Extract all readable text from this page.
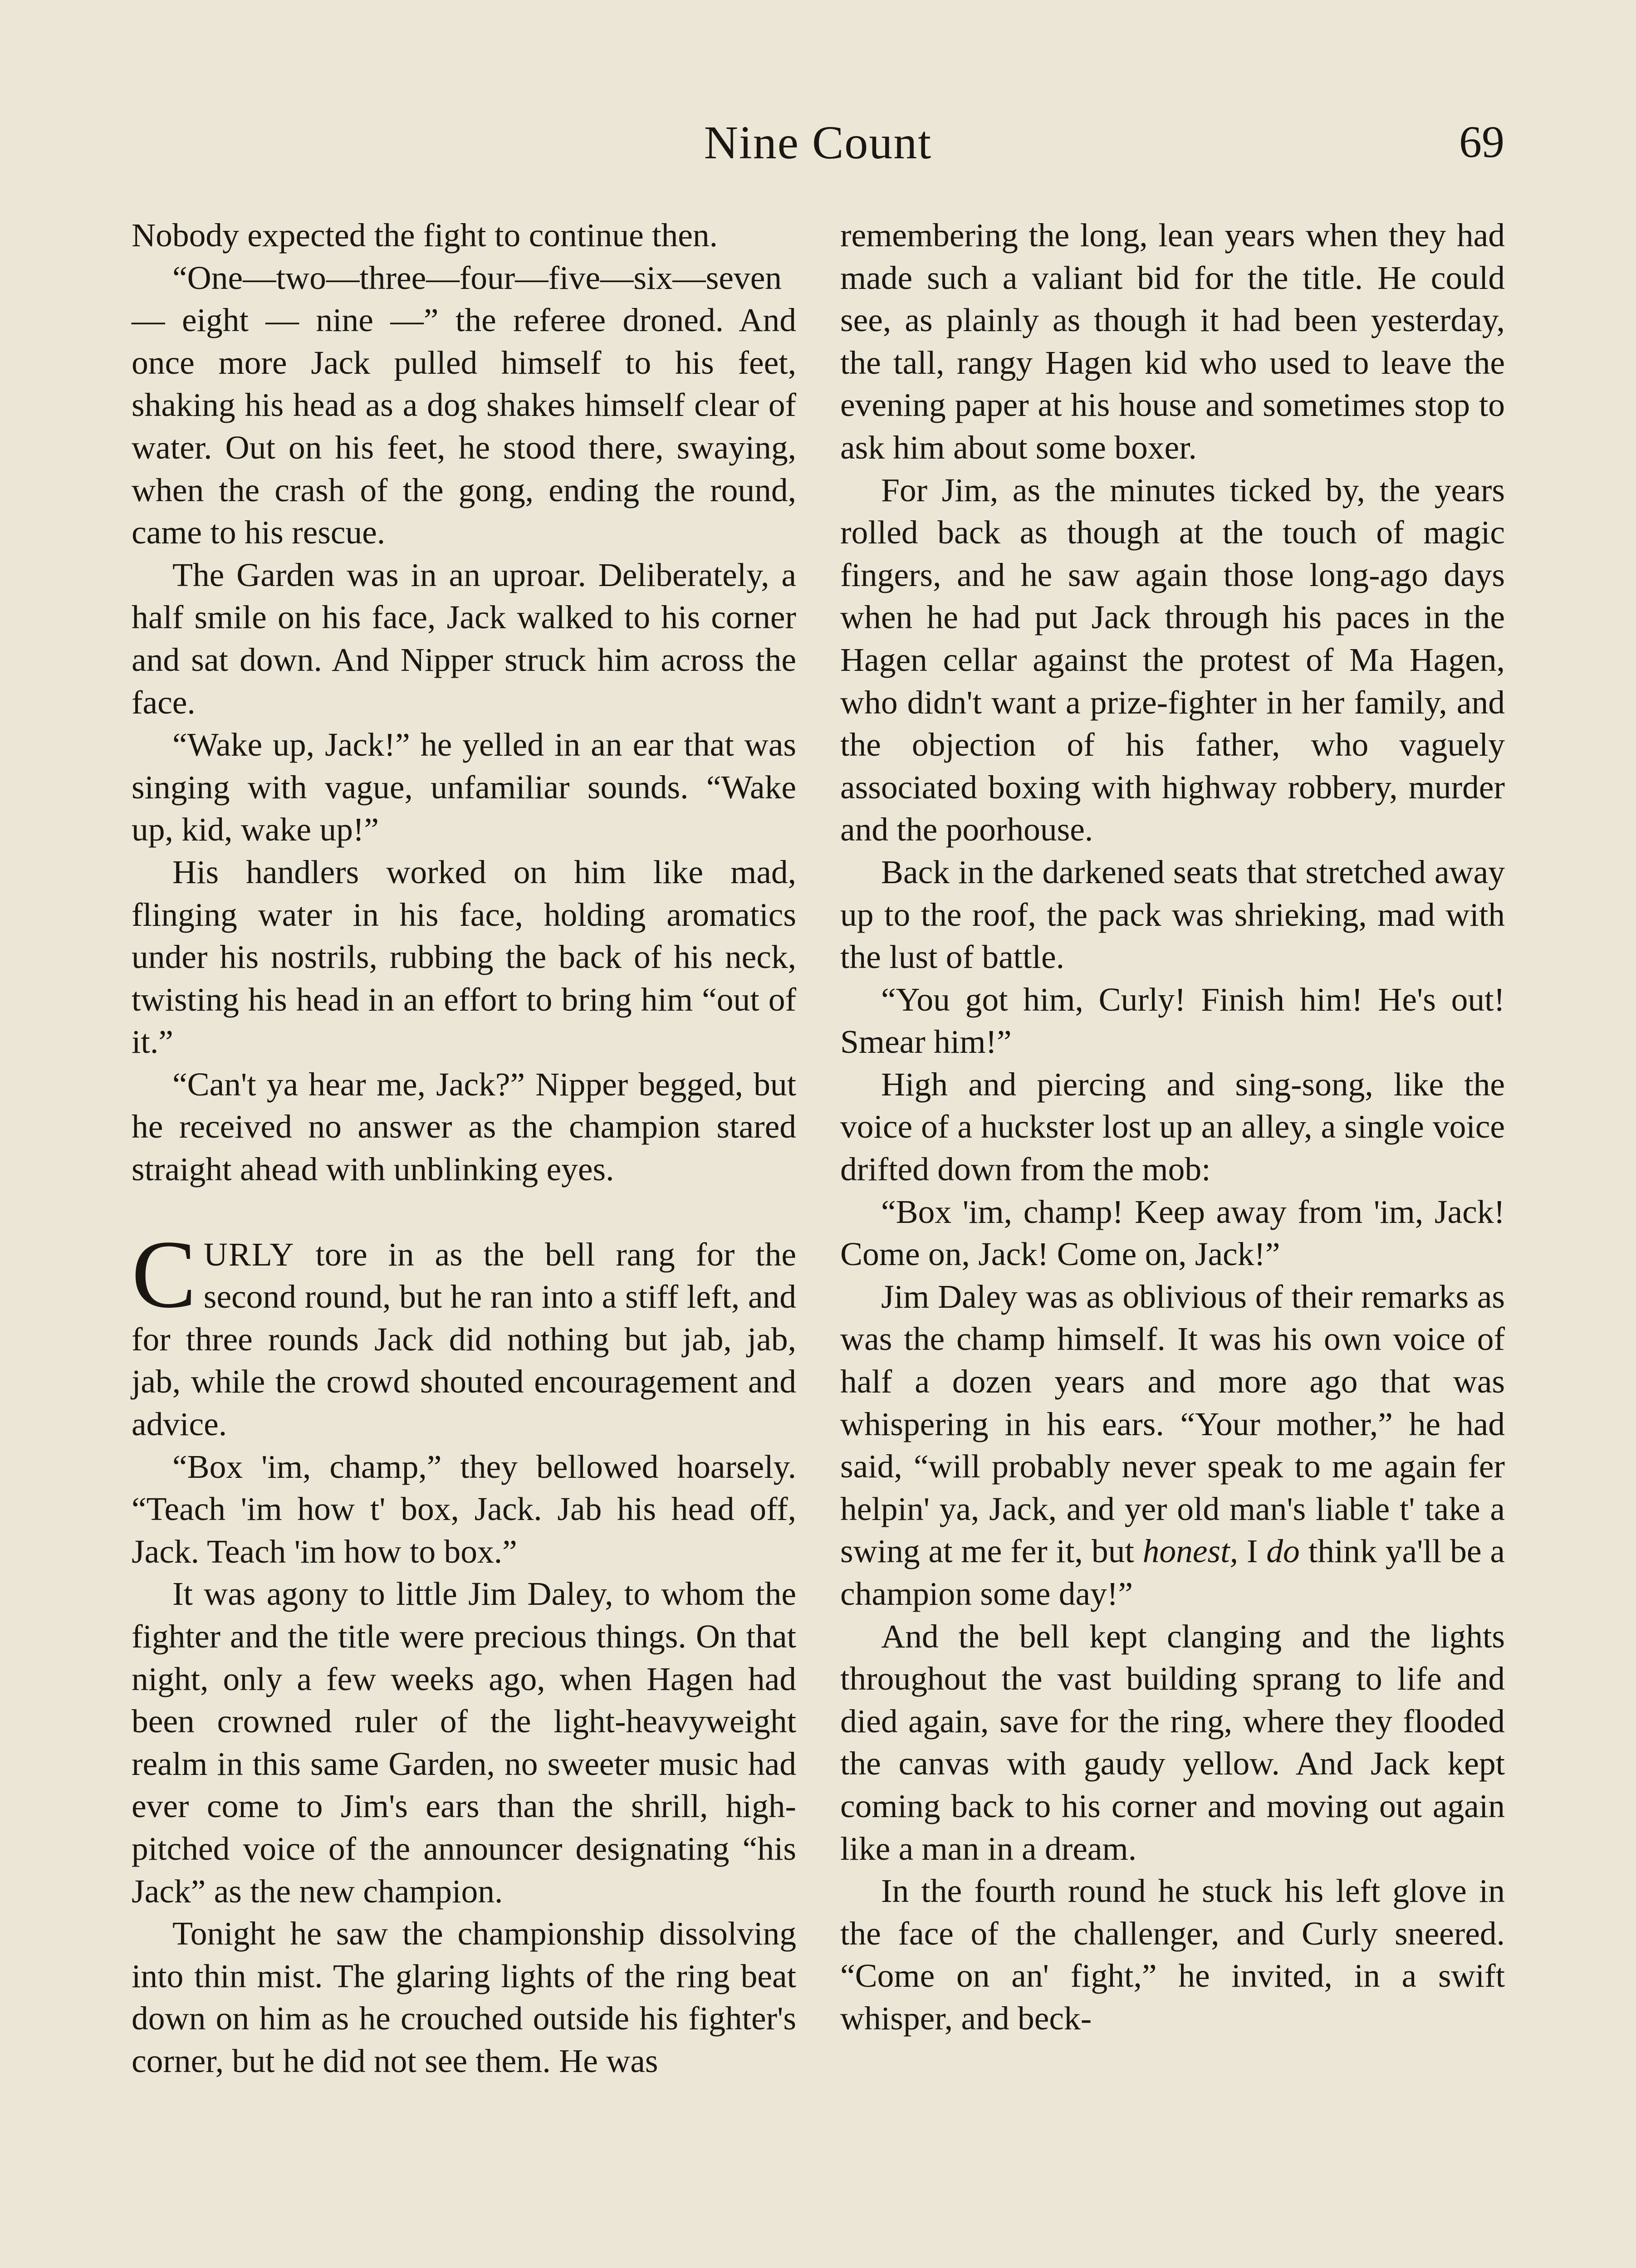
Nine Count	69

Nobody expected the fight to continue then.

“One—two—three—four—five—six—seven — eight — nine —” the referee droned. And once more Jack pulled himself to his feet, shaking his head as a dog shakes himself clear of water. Out on his feet, he stood there, swaying, when the crash of the gong, ending the round, came to his rescue.

The Garden was in an uproar. Deliberately, a half smile on his face, Jack walked to his corner and sat down. And Nipper struck him across the face.

“Wake up, Jack!” he yelled in an ear that was singing with vague, unfamiliar sounds. “Wake up, kid, wake up!”

His handlers worked on him like mad, flinging water in his face, holding aromatics under his nostrils, rubbing the back of his neck, twisting his head in an effort to bring him “out of it.”

“Can't ya hear me, Jack?” Nipper begged, but he received no answer as the champion stared straight ahead with unblinking eyes.

CURLY tore in as the bell rang for the second round, but he ran into a stiff left, and for three rounds Jack did nothing but jab, jab, jab, while the crowd shouted encouragement and advice.

“Box 'im, champ,” they bellowed hoarsely. “Teach 'im how t' box, Jack. Jab his head off, Jack. Teach 'im how to box.”

It was agony to little Jim Daley, to whom the fighter and the title were precious things. On that night, only a few weeks ago, when Hagen had been crowned ruler of the light-heavyweight realm in this same Garden, no sweeter music had ever come to Jim's ears than the shrill, high-pitched voice of the announcer designating “his Jack” as the new champion.

Tonight he saw the championship dissolving into thin mist. The glaring lights of the ring beat down on him as he crouched outside his fighter's corner, but he did not see them. He was

remembering the long, lean years when they had made such a valiant bid for the title. He could see, as plainly as though it had been yesterday, the tall, rangy Hagen kid who used to leave the evening paper at his house and sometimes stop to ask him about some boxer.

For Jim, as the minutes ticked by, the years rolled back as though at the touch of magic fingers, and he saw again those long-ago days when he had put Jack through his paces in the Hagen cellar against the protest of Ma Hagen, who didn't want a prize-fighter in her family, and the objection of his father, who vaguely associated boxing with highway robbery, murder and the poorhouse.

Back in the darkened seats that stretched away up to the roof, the pack was shrieking, mad with the lust of battle.

“You got him, Curly! Finish him! He's out! Smear him!”

High and piercing and sing-song, like the voice of a huckster lost up an alley, a single voice drifted down from the mob:

“Box 'im, champ! Keep away from 'im, Jack! Come on, Jack! Come on, Jack!”

Jim Daley was as oblivious of their remarks as was the champ himself. It was his own voice of half a dozen years and more ago that was whispering in his ears. “Your mother,” he had said, “will probably never speak to me again fer helpin' ya, Jack, and yer old man's liable t' take a swing at me fer it, but honest, I do think ya'll be a champion some day!”

And the bell kept clanging and the lights throughout the vast building sprang to life and died again, save for the ring, where they flooded the canvas with gaudy yellow. And Jack kept coming back to his corner and moving out again like a man in a dream.

In the fourth round he stuck his left glove in the face of the challenger, and Curly sneered. “Come on an' fight,” he invited, in a swift whisper, and beck-
